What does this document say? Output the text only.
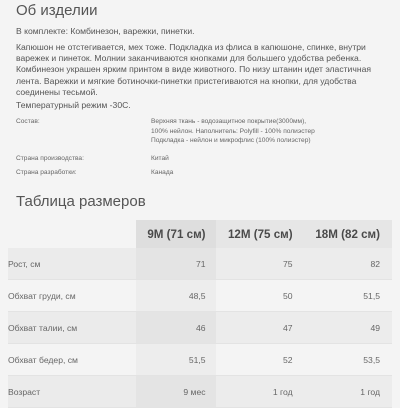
Об изделии
В комплекте: Комбинезон, варежки, пинетки.
Капюшон не отстегивается, мех тоже. Подкладка из флиса в капюшоне, спинке, внутри варежек и пинеток. Молнии заканчиваются кнопками для большего удобства ребенка. Комбинезон украшен ярким принтом в виде животного. По низу штанин идет эластичная лента. Варежки и мягкие ботиночки-пинетки пристегиваются на кнопки, для удобства соединены тесьмой.
Температурный режим -30С.
Состав:	Верхняя ткань - водозащитное покрытие(3000мм),
100% нейлон. Наполнитель: Polyfill - 100% полиэстер
Подкладка - нейлон и микрофлис (100% полиэстер)
Страна производства:	Китай
Страна разработки:	Канада
Таблица размеров
	9M (71 см)	12M (75 см)	18M (82 см)
Рост, см	71	75	82
Обхват груди, см	48,5	50	51,5
Обхват талии, см	46	47	49
Обхват бедер, см	51,5	52	53,5
Возраст	9 мес	1 год	1 год
